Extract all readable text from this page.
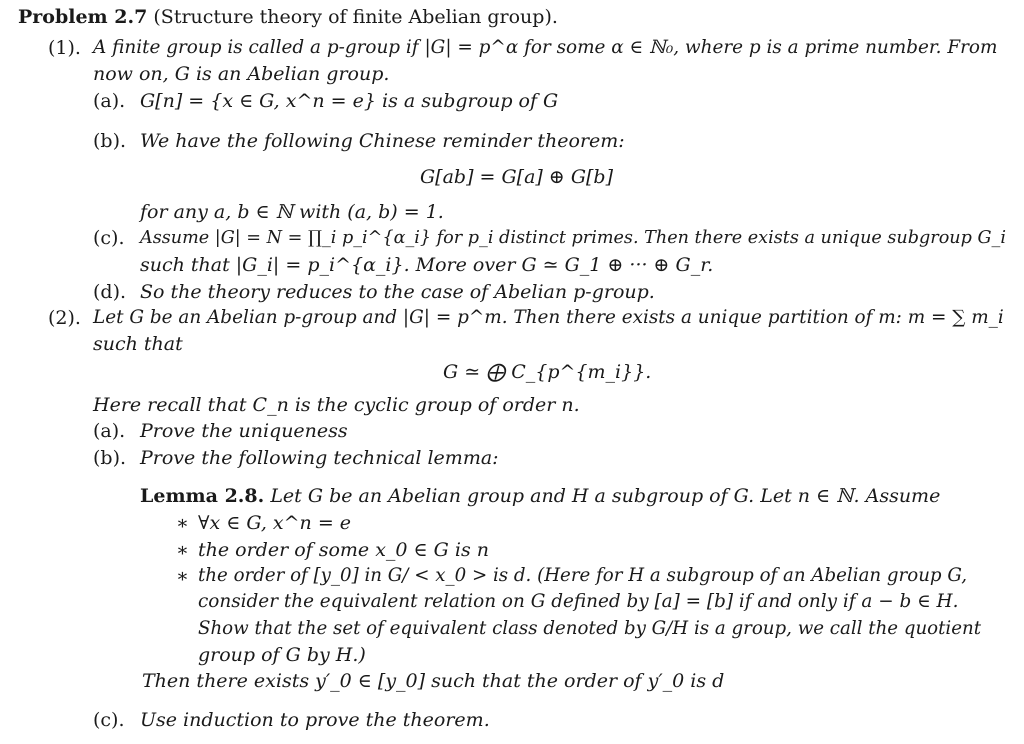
Problem 2.7 (Structure theory of finite Abelian group).
(1). A finite group is called a p-group if |G| = p^α for some α ∈ ℕ₀, where p is a prime number. From
now on, G is an Abelian group.
(a). G[n] = {x ∈ G, x^n = e} is a subgroup of G
(b). We have the following Chinese reminder theorem:
G[ab] = G[a] ⊕ G[b]
for any a, b ∈ ℕ with (a, b) = 1.
(c). Assume |G| = N = ∏_i p_i^{α_i} for p_i distinct primes. Then there exists a unique subgroup G_i
such that |G_i| = p_i^{α_i}. More over G ≃ G_1 ⊕ ··· ⊕ G_r.
(d). So the theory reduces to the case of Abelian p-group.
(2). Let G be an Abelian p-group and |G| = p^m. Then there exists a unique partition of m: m = ∑ m_i
such that
G ≃ ⨁ C_{p^{m_i}}.
Here recall that C_n is the cyclic group of order n.
(a). Prove the uniqueness
(b). Prove the following technical lemma:
Lemma 2.8. Let G be an Abelian group and H a subgroup of G. Let n ∈ ℕ. Assume
∗ ∀x ∈ G, x^n = e
∗ the order of some x_0 ∈ G is n
∗ the order of [y_0] in G/ < x_0 > is d. (Here for H a subgroup of an Abelian group G,
consider the equivalent relation on G defined by [a] = [b] if and only if a − b ∈ H.
Show that the set of equivalent class denoted by G/H is a group, we call the quotient
group of G by H.)
Then there exists y′_0 ∈ [y_0] such that the order of y′_0 is d
(c). Use induction to prove the theorem.
